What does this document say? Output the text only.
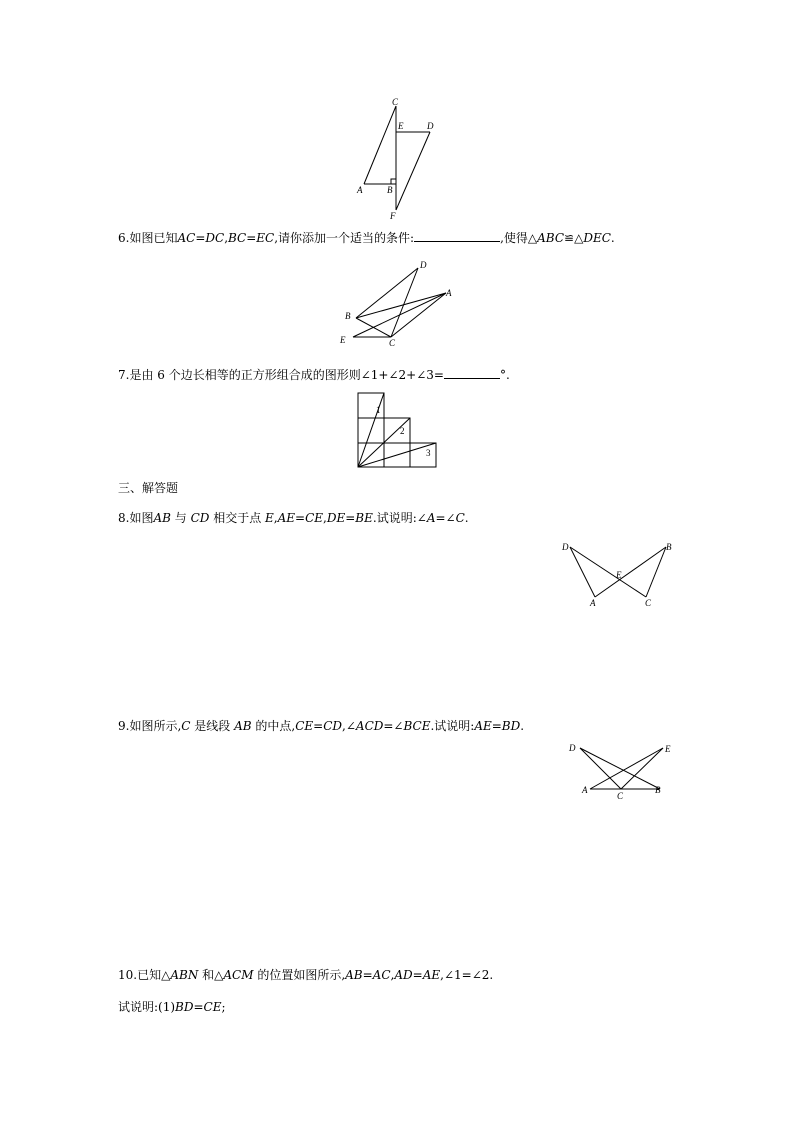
C
E	D
A	B
F
6.如图已知AC=DC,BC=EC,请你添加一个适当的条件:	,使得△ABC≌△DEC.
D
A
B
E	C
7.是由 6 个边长相等的正方形组合成的图形则∠1+∠2+∠3=	°.
1
2
3
三、解答题
8.如图AB 与 CD 相交于点 E,AE=CE,DE=BE.试说明:∠A=∠C.
D	B
E
A	C
9.如图所示,C 是线段 AB 的中点,CE=CD,∠ACD=∠BCE.试说明:AE=BD.
D	E
A
C
B
10.已知△ABN 和△ACM 的位置如图所示,AB=AC,AD=AE,∠1=∠2.
试说明:(1)BD=CE;
